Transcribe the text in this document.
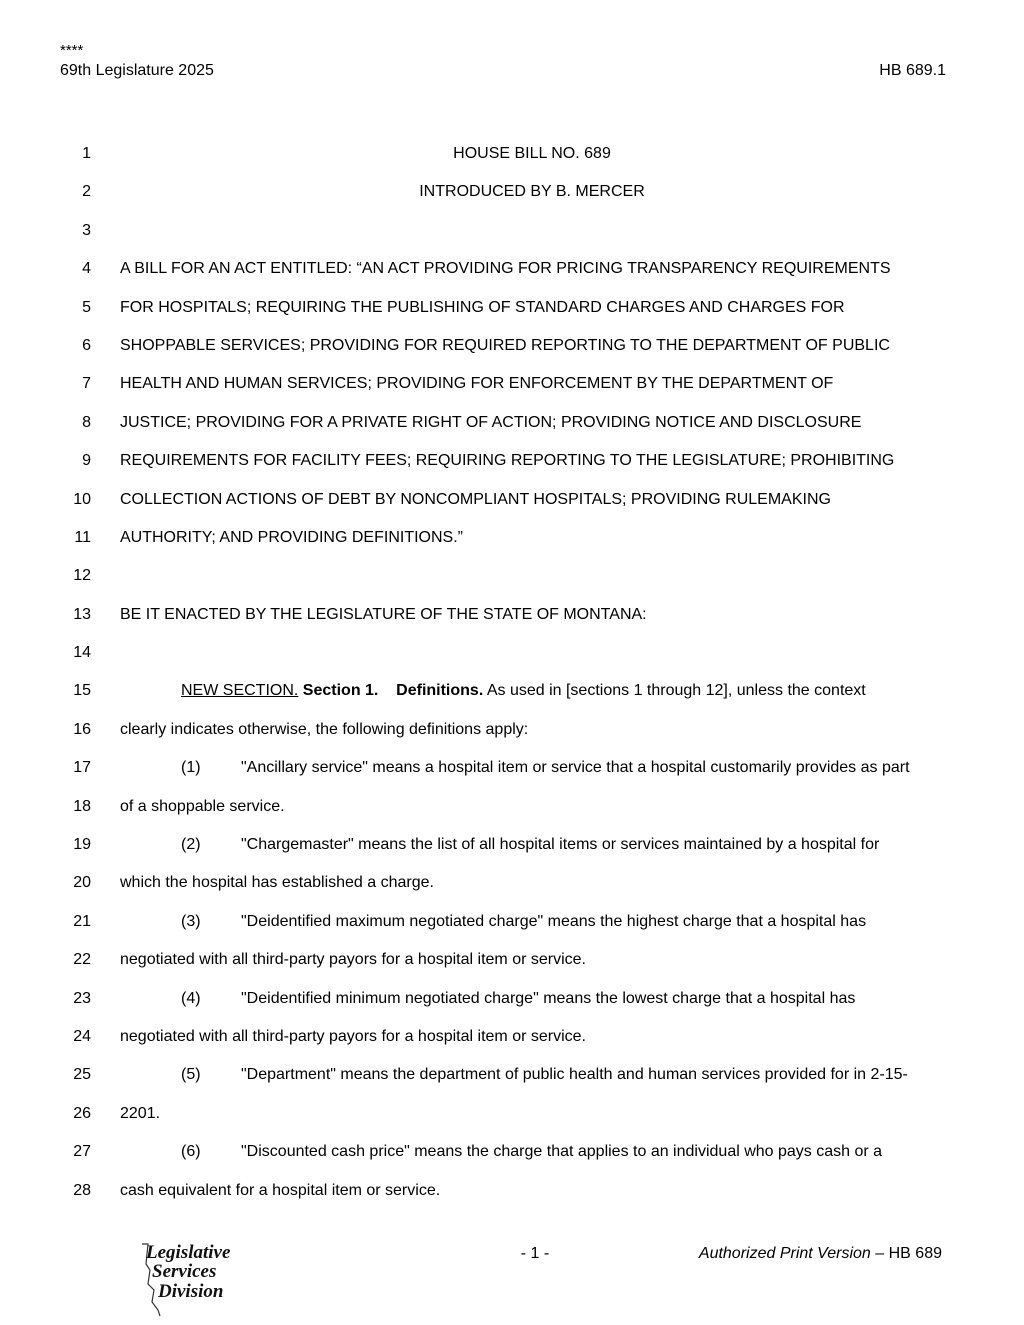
****
69th Legislature 2025	HB 689.1
1	HOUSE BILL NO. 689
2	INTRODUCED BY B. MERCER
3
4 A BILL FOR AN ACT ENTITLED: “AN ACT PROVIDING FOR PRICING TRANSPARENCY REQUIREMENTS
5 FOR HOSPITALS; REQUIRING THE PUBLISHING OF STANDARD CHARGES AND CHARGES FOR
6 SHOPPABLE SERVICES; PROVIDING FOR REQUIRED REPORTING TO THE DEPARTMENT OF PUBLIC
7 HEALTH AND HUMAN SERVICES; PROVIDING FOR ENFORCEMENT BY THE DEPARTMENT OF
8 JUSTICE; PROVIDING FOR A PRIVATE RIGHT OF ACTION; PROVIDING NOTICE AND DISCLOSURE
9 REQUIREMENTS FOR FACILITY FEES; REQUIRING REPORTING TO THE LEGISLATURE; PROHIBITING
10 COLLECTION ACTIONS OF DEBT BY NONCOMPLIANT HOSPITALS; PROVIDING RULEMAKING
11 AUTHORITY; AND PROVIDING DEFINITIONS.”
12
13 BE IT ENACTED BY THE LEGISLATURE OF THE STATE OF MONTANA:
14
15	NEW SECTION. Section 1. Definitions. As used in [sections 1 through 12], unless the context
16 clearly indicates otherwise, the following definitions apply:
17	(1)	"Ancillary service" means a hospital item or service that a hospital customarily provides as part
18 of a shoppable service.
19	(2)	"Chargemaster" means the list of all hospital items or services maintained by a hospital for
20 which the hospital has established a charge.
21	(3)	"Deidentified maximum negotiated charge" means the highest charge that a hospital has
22 negotiated with all third-party payors for a hospital item or service.
23	(4)	"Deidentified minimum negotiated charge" means the lowest charge that a hospital has
24 negotiated with all third-party payors for a hospital item or service.
25	(5)	"Department" means the department of public health and human services provided for in 2-15-
26 2201.
27	(6)	"Discounted cash price" means the charge that applies to an individual who pays cash or a
28 cash equivalent for a hospital item or service.
Legislative
Services
Division
- 1 -	Authorized Print Version – HB 689
